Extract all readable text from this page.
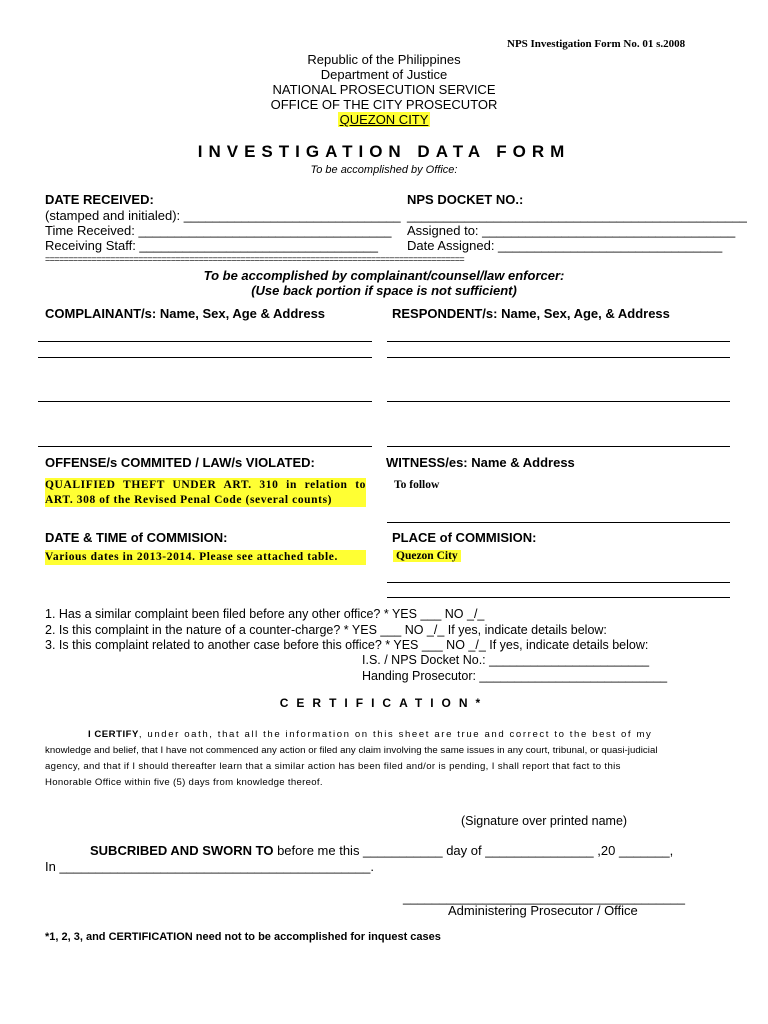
NPS Investigation Form No. 01 s.2008
Republic of the Philippines
Department of Justice
NATIONAL PROSECUTION SERVICE
OFFICE OF THE CITY PROSECUTOR
QUEZON CITY
INVESTIGATION DATA FORM
To be accomplished by Office:
DATE RECEIVED:
(stamped and initialed): ______________________________
Time Received: ___________________________________
Receiving Staff: _________________________________
NPS DOCKET NO.:
_______________________________________________
Assigned to: ___________________________________
Date Assigned: _______________________________
==========================================================================================
To be accomplished by complainant/counsel/law enforcer:
(Use back portion if space is not sufficient)
COMPLAINANT/s: Name, Sex, Age & Address	RESPONDENT/s: Name, Sex, Age, & Address
OFFENSE/s COMMITED / LAW/s VIOLATED:	WITNESS/es: Name & Address
QUALIFIED THEFT UNDER ART. 310 in relation to ART. 308 of the Revised Penal Code (several counts)
To follow
DATE & TIME of COMMISION:	PLACE of COMMISION:
Various dates in 2013-2014. Please see attached table.	Quezon City
1. Has a similar complaint been filed before any other office? * YES ___ NO _/_
2. Is this complaint in the nature of a counter-charge? * YES ___ NO _/_ If yes, indicate details below:
3. Is this complaint related to another case before this office? * YES ___ NO _/_ If yes, indicate details below:
I.S. / NPS Docket No.: _______________________
Handing Prosecutor: ___________________________
CERTIFICATION*
I CERTIFY, under oath, that all the information on this sheet are true and correct to the best of my
knowledge and belief, that I have not commenced any action or filed any claim involving the same issues in any court, tribunal, or quasi-judicial
agency, and that if I should thereafter learn that a similar action has been filed and/or is pending, I shall report that fact to this
Honorable Office within five (5) days from knowledge thereof.
(Signature over printed name)
SUBCRIBED AND SWORN TO before me this ___________ day of _______________ ,20 _______,
In ___________________________________________.
_______________________________________
Administering Prosecutor / Office
*1, 2, 3, and CERTIFICATION need not to be accomplished for inquest cases
